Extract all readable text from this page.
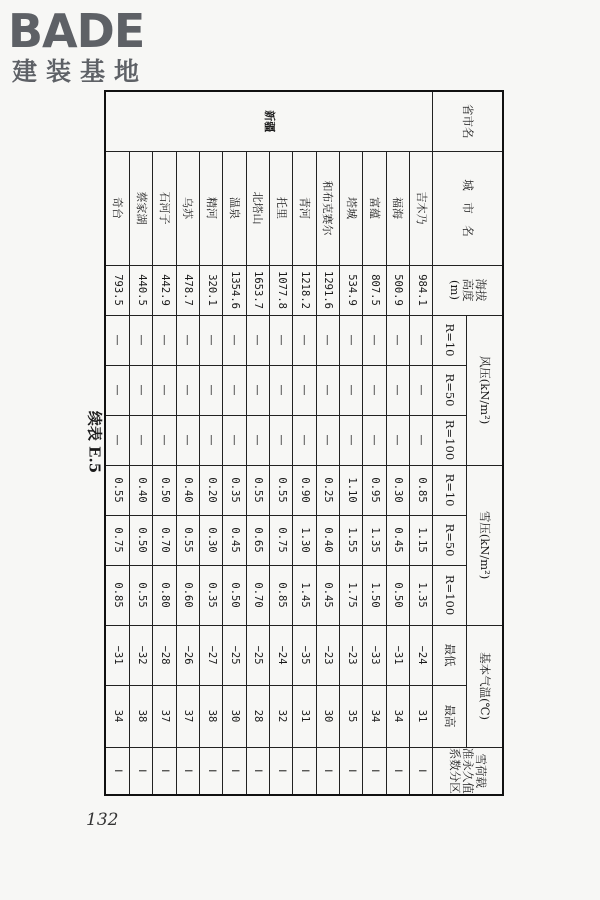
BADE
建装基地
续表 E.5
省市名	城　市　名	海拔
高度
(m)	风压(kN/m²)			雪压(kN/m²)			基本气温(℃)		雪荷载
准永久值
系数分区
			R=10	R=50	R=100	R=10	R=50	R=100	最低	最高	
新疆	吉木乃	984.1	—	—	—	0.85	1.15	1.35	−24	31	Ⅰ
	福海	500.9	—	—	—	0.30	0.45	0.50	−31	34	Ⅰ
	富蕴	807.5	—	—	—	0.95	1.35	1.50	−33	34	Ⅰ
	塔城	534.9	—	—	—	1.10	1.55	1.75	−23	35	Ⅰ
	和布克赛尔	1291.6	—	—	—	0.25	0.40	0.45	−23	30	Ⅰ
	青河	1218.2	—	—	—	0.90	1.30	1.45	−35	31	Ⅰ
	托里	1077.8	—	—	—	0.55	0.75	0.85	−24	32	Ⅰ
	北塔山	1653.7	—	—	—	0.55	0.65	0.70	−25	28	Ⅰ
	温泉	1354.6	—	—	—	0.35	0.45	0.50	−25	30	Ⅰ
	精河	320.1	—	—	—	0.20	0.30	0.35	−27	38	Ⅰ
	乌苏	478.7	—	—	—	0.40	0.55	0.60	−26	37	Ⅰ
	石河子	442.9	—	—	—	0.50	0.70	0.80	−28	37	Ⅰ
	蔡家湖	440.5	—	—	—	0.40	0.50	0.55	−32	38	Ⅰ
	奇台	793.5	—	—	—	0.55	0.75	0.85	−31	34	Ⅰ
132
